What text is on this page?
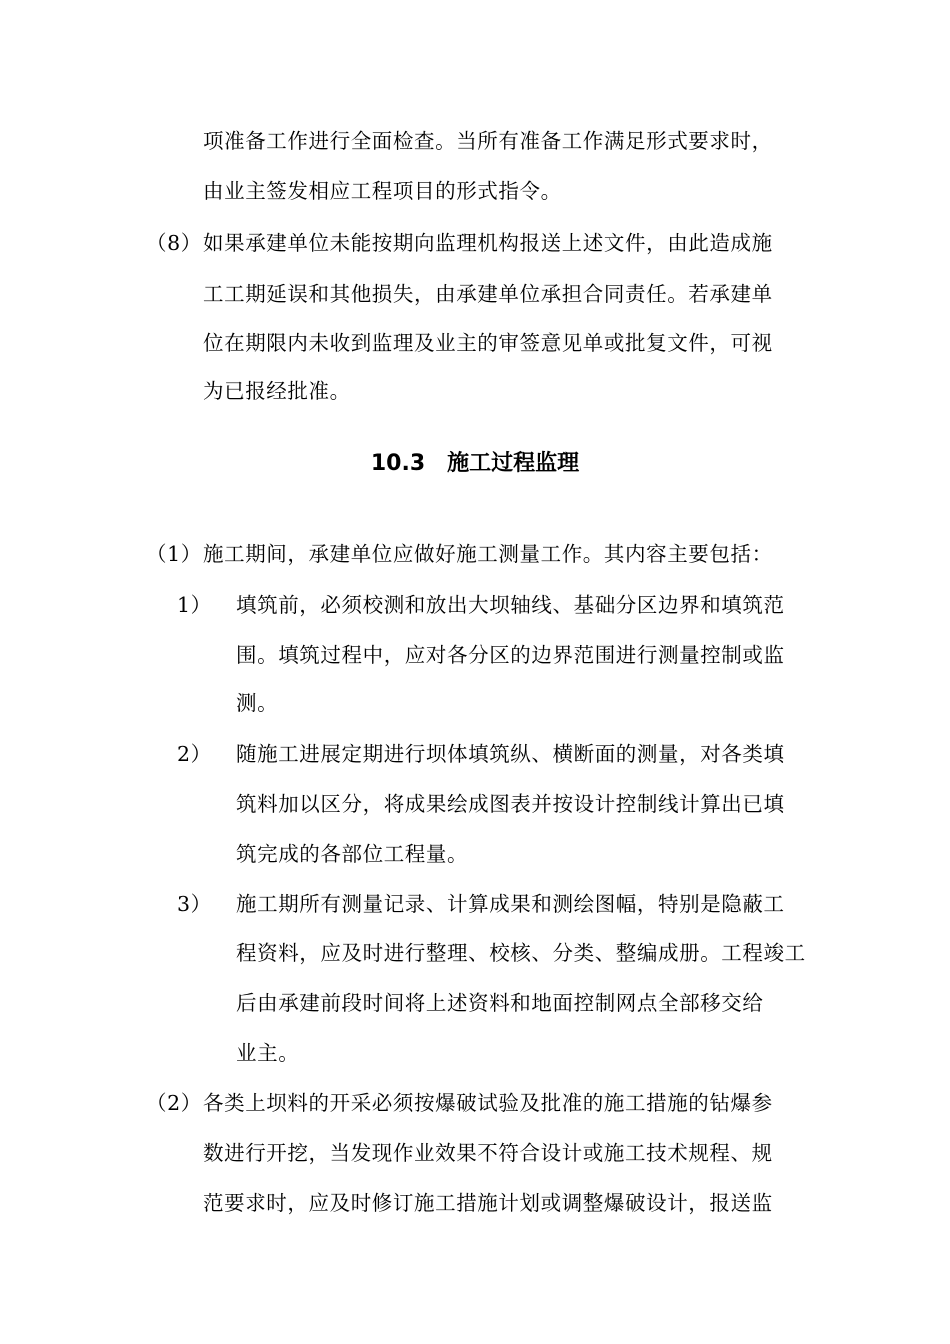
项准备工作进行全面检查。当所有准备工作满足形式要求时，
由业主签发相应工程项目的形式指令。
（8） 如果承建单位未能按期向监理机构报送上述文件，由此造成施
工工期延误和其他损失，由承建单位承担合同责任。若承建单
位在期限内未收到监理及业主的审签意见单或批复文件，可视
为已报经批准。
10.3 施工过程监理
（1） 施工期间，承建单位应做好施工测量工作。其内容主要包括：
1） 填筑前，必须校测和放出大坝轴线、基础分区边界和填筑范
围。填筑过程中，应对各分区的边界范围进行测量控制或监
测。
2） 随施工进展定期进行坝体填筑纵、横断面的测量，对各类填
筑料加以区分，将成果绘成图表并按设计控制线计算出已填
筑完成的各部位工程量。
3） 施工期所有测量记录、计算成果和测绘图幅，特别是隐蔽工
程资料，应及时进行整理、校核、分类、整编成册。工程竣工
后由承建前段时间将上述资料和地面控制网点全部移交给
业主。
（2） 各类上坝料的开采必须按爆破试验及批准的施工措施的钻爆参
数进行开挖，当发现作业效果不符合设计或施工技术规程、规
范要求时，应及时修订施工措施计划或调整爆破设计，报送监
